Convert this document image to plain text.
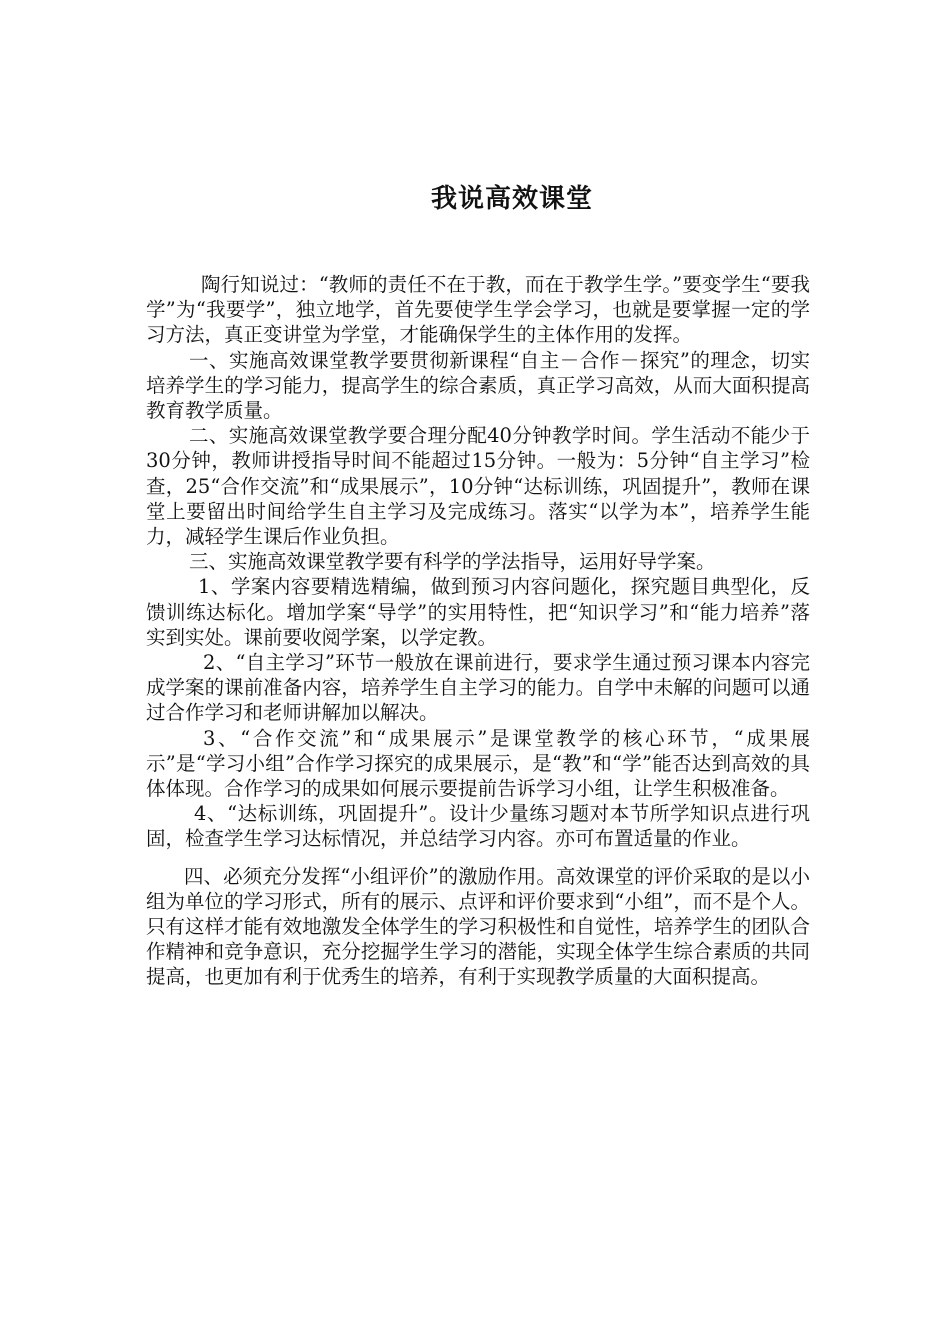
我说高效课堂

陶行知说过：“教师的责任不在于教，而在于教学生学。”要变学生“要我学”为“我要学”，独立地学，首先要使学生学会学习，也就是要掌握一定的学习方法，真正变讲堂为学堂，才能确保学生的主体作用的发挥。

一、实施高效课堂教学要贯彻新课程“自主－合作－探究”的理念，切实培养学生的学习能力，提高学生的综合素质，真正学习高效，从而大面积提高教育教学质量。

二、实施高效课堂教学要合理分配40分钟教学时间。学生活动不能少于30分钟，教师讲授指导时间不能超过15分钟。一般为：5分钟“自主学习”检查，25“合作交流”和“成果展示”，10分钟“达标训练，巩固提升”，教师在课堂上要留出时间给学生自主学习及完成练习。落实“以学为本”，培养学生能力，减轻学生课后作业负担。

三、实施高效课堂教学要有科学的学法指导，运用好导学案。

1、学案内容要精选精编，做到预习内容问题化，探究题目典型化，反馈训练达标化。增加学案“导学”的实用特性，把“知识学习”和“能力培养”落实到实处。课前要收阅学案，以学定教。

2、“自主学习”环节一般放在课前进行，要求学生通过预习课本内容完成学案的课前准备内容，培养学生自主学习的能力。自学中未解的问题可以通过合作学习和老师讲解加以解决。

3、“合作交流”和“成果展示”是课堂教学的核心环节，“成果展示”是“学习小组”合作学习探究的成果展示，是“教”和“学”能否达到高效的具体体现。合作学习的成果如何展示要提前告诉学习小组，让学生积极准备。

4、“达标训练，巩固提升”。设计少量练习题对本节所学知识点进行巩固，检查学生学习达标情况，并总结学习内容。亦可布置适量的作业。

四、必须充分发挥“小组评价”的激励作用。高效课堂的评价采取的是以小组为单位的学习形式，所有的展示、点评和评价要求到“小组”，而不是个人。只有这样才能有效地激发全体学生的学习积极性和自觉性，培养学生的团队合作精神和竞争意识，充分挖掘学生学习的潜能，实现全体学生综合素质的共同提高，也更加有利于优秀生的培养，有利于实现教学质量的大面积提高。
